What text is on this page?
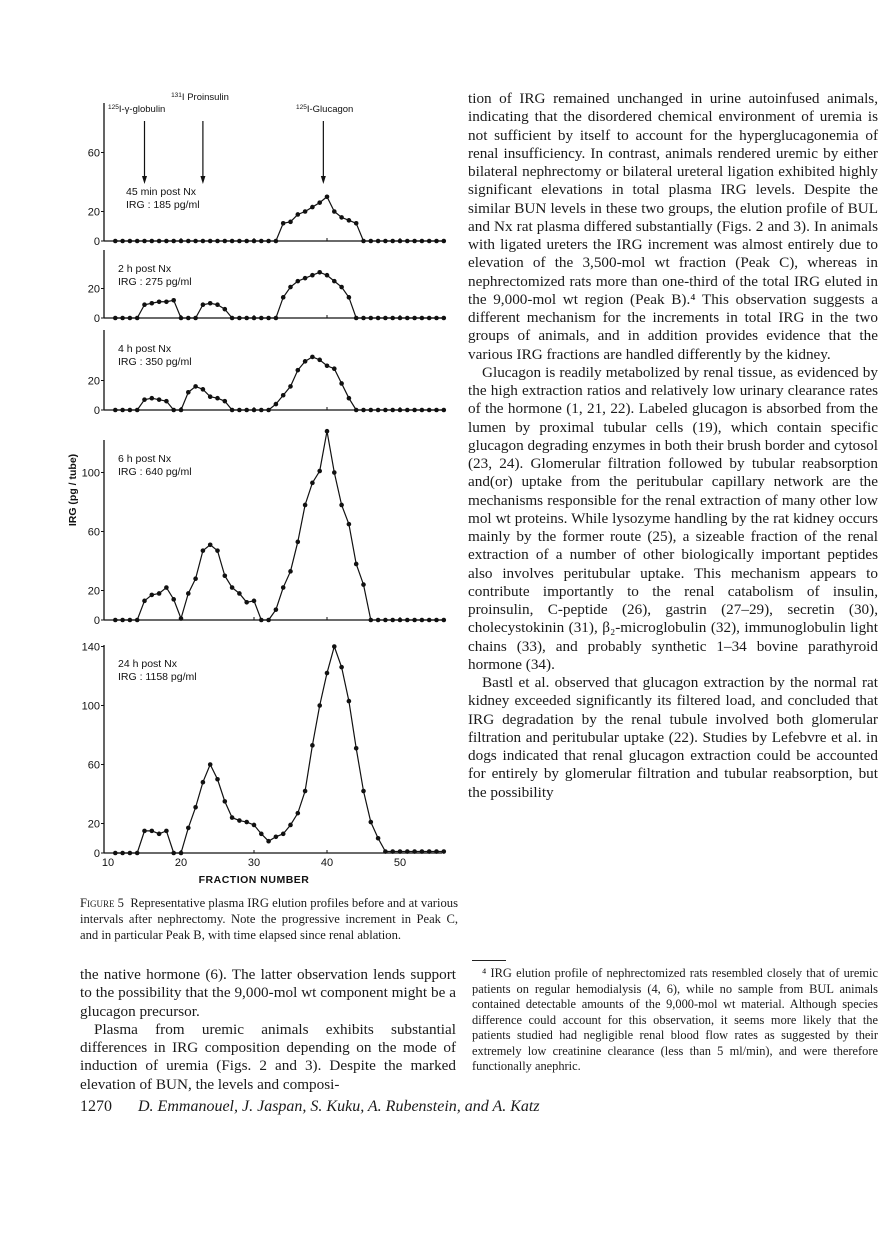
0
20
60
45 min post Nx
IRG : 185 pg/ml
0
20
2 h post Nx
IRG : 275 pg/ml
0
20
4 h post Nx
IRG : 350 pg/ml
0
20
60
100
6 h post Nx
IRG : 640 pg/ml
0
20
60
100
140
24 h post Nx
IRG : 1158 pg/ml
10	20	30	40	50
FRACTION NUMBER
IRG (pg / tube)
$^{125}$I-γ-globulin
$^{131}$I Proinsulin
$^{125}$I-Glucagon
Figure 5 Representative plasma IRG elution profiles before and at various intervals after nephrectomy. Note the progressive increment in Peak C, and in particular Peak B, with time elapsed since renal ablation.

tion of IRG remained unchanged in urine autoinfused animals, indicating that the disordered chemical environment of uremia is not sufficient by itself to account for the hyperglucagonemia of renal insufficiency. In contrast, animals rendered uremic by either bilateral nephrectomy or bilateral ureteral ligation exhibited highly significant elevations in total plasma IRG levels. Despite the similar BUN levels in these two groups, the elution profile of BUL and Nx rat plasma differed substantially (Figs. 2 and 3). In animals with ligated ureters the IRG increment was almost entirely due to elevation of the 3,500-mol wt fraction (Peak C), whereas in nephrectomized rats more than one-third of the total IRG eluted in the 9,000-mol wt region (Peak B).⁴ This observation suggests a different mechanism for the increments in total IRG in the two groups of animals, and in addition provides evidence that the various IRG fractions are handled differently by the kidney.

Glucagon is readily metabolized by renal tissue, as evidenced by the high extraction ratios and relatively low urinary clearance rates of the hormone (1, 21, 22). Labeled glucagon is absorbed from the lumen by proximal tubular cells (19), which contain specific glucagon degrading enzymes in both their brush border and cytosol (23, 24). Glomerular filtration followed by tubular reabsorption and(or) uptake from the peritubular capillary network are the mechanisms responsible for the renal extraction of many other low mol wt proteins. While lysozyme handling by the rat kidney occurs mainly by the former route (25), a sizeable fraction of the renal extraction of a number of other biologically important peptides also involves peritubular uptake. This mechanism appears to contribute importantly to the renal catabolism of insulin, proinsulin, C-peptide (26), gastrin (27–29), secretin (30), cholecystokinin (31), β₂-microglobulin (32), immunoglobulin light chains (33), and probably synthetic 1–34 bovine parathyroid hormone (34).

Bastl et al. observed that glucagon extraction by the normal rat kidney exceeded significantly its filtered load, and concluded that IRG degradation by the renal tubule involved both glomerular filtration and peritubular uptake (22). Studies by Lefebvre et al. in dogs indicated that renal glucagon extraction could be accounted for entirely by glomerular filtration and tubular reabsorption, but the possibility

the native hormone (6). The latter observation lends support to the possibility that the 9,000-mol wt component might be a glucagon precursor.

Plasma from uremic animals exhibits substantial differences in IRG composition depending on the mode of induction of uremia (Figs. 2 and 3). Despite the marked elevation of BUN, the levels and composi-

⁴ IRG elution profile of nephrectomized rats resembled closely that of uremic patients on regular hemodialysis (4, 6), while no sample from BUL animals contained detectable amounts of the 9,000-mol wt material. Although species difference could account for this observation, it seems more likely that the patients studied had negligible renal blood flow rates as suggested by their extremely low creatinine clearance (less than 5 ml/min), and were therefore functionally anephric.
1270 D. Emmanouel, J. Jaspan, S. Kuku, A. Rubenstein, and A. Katz
